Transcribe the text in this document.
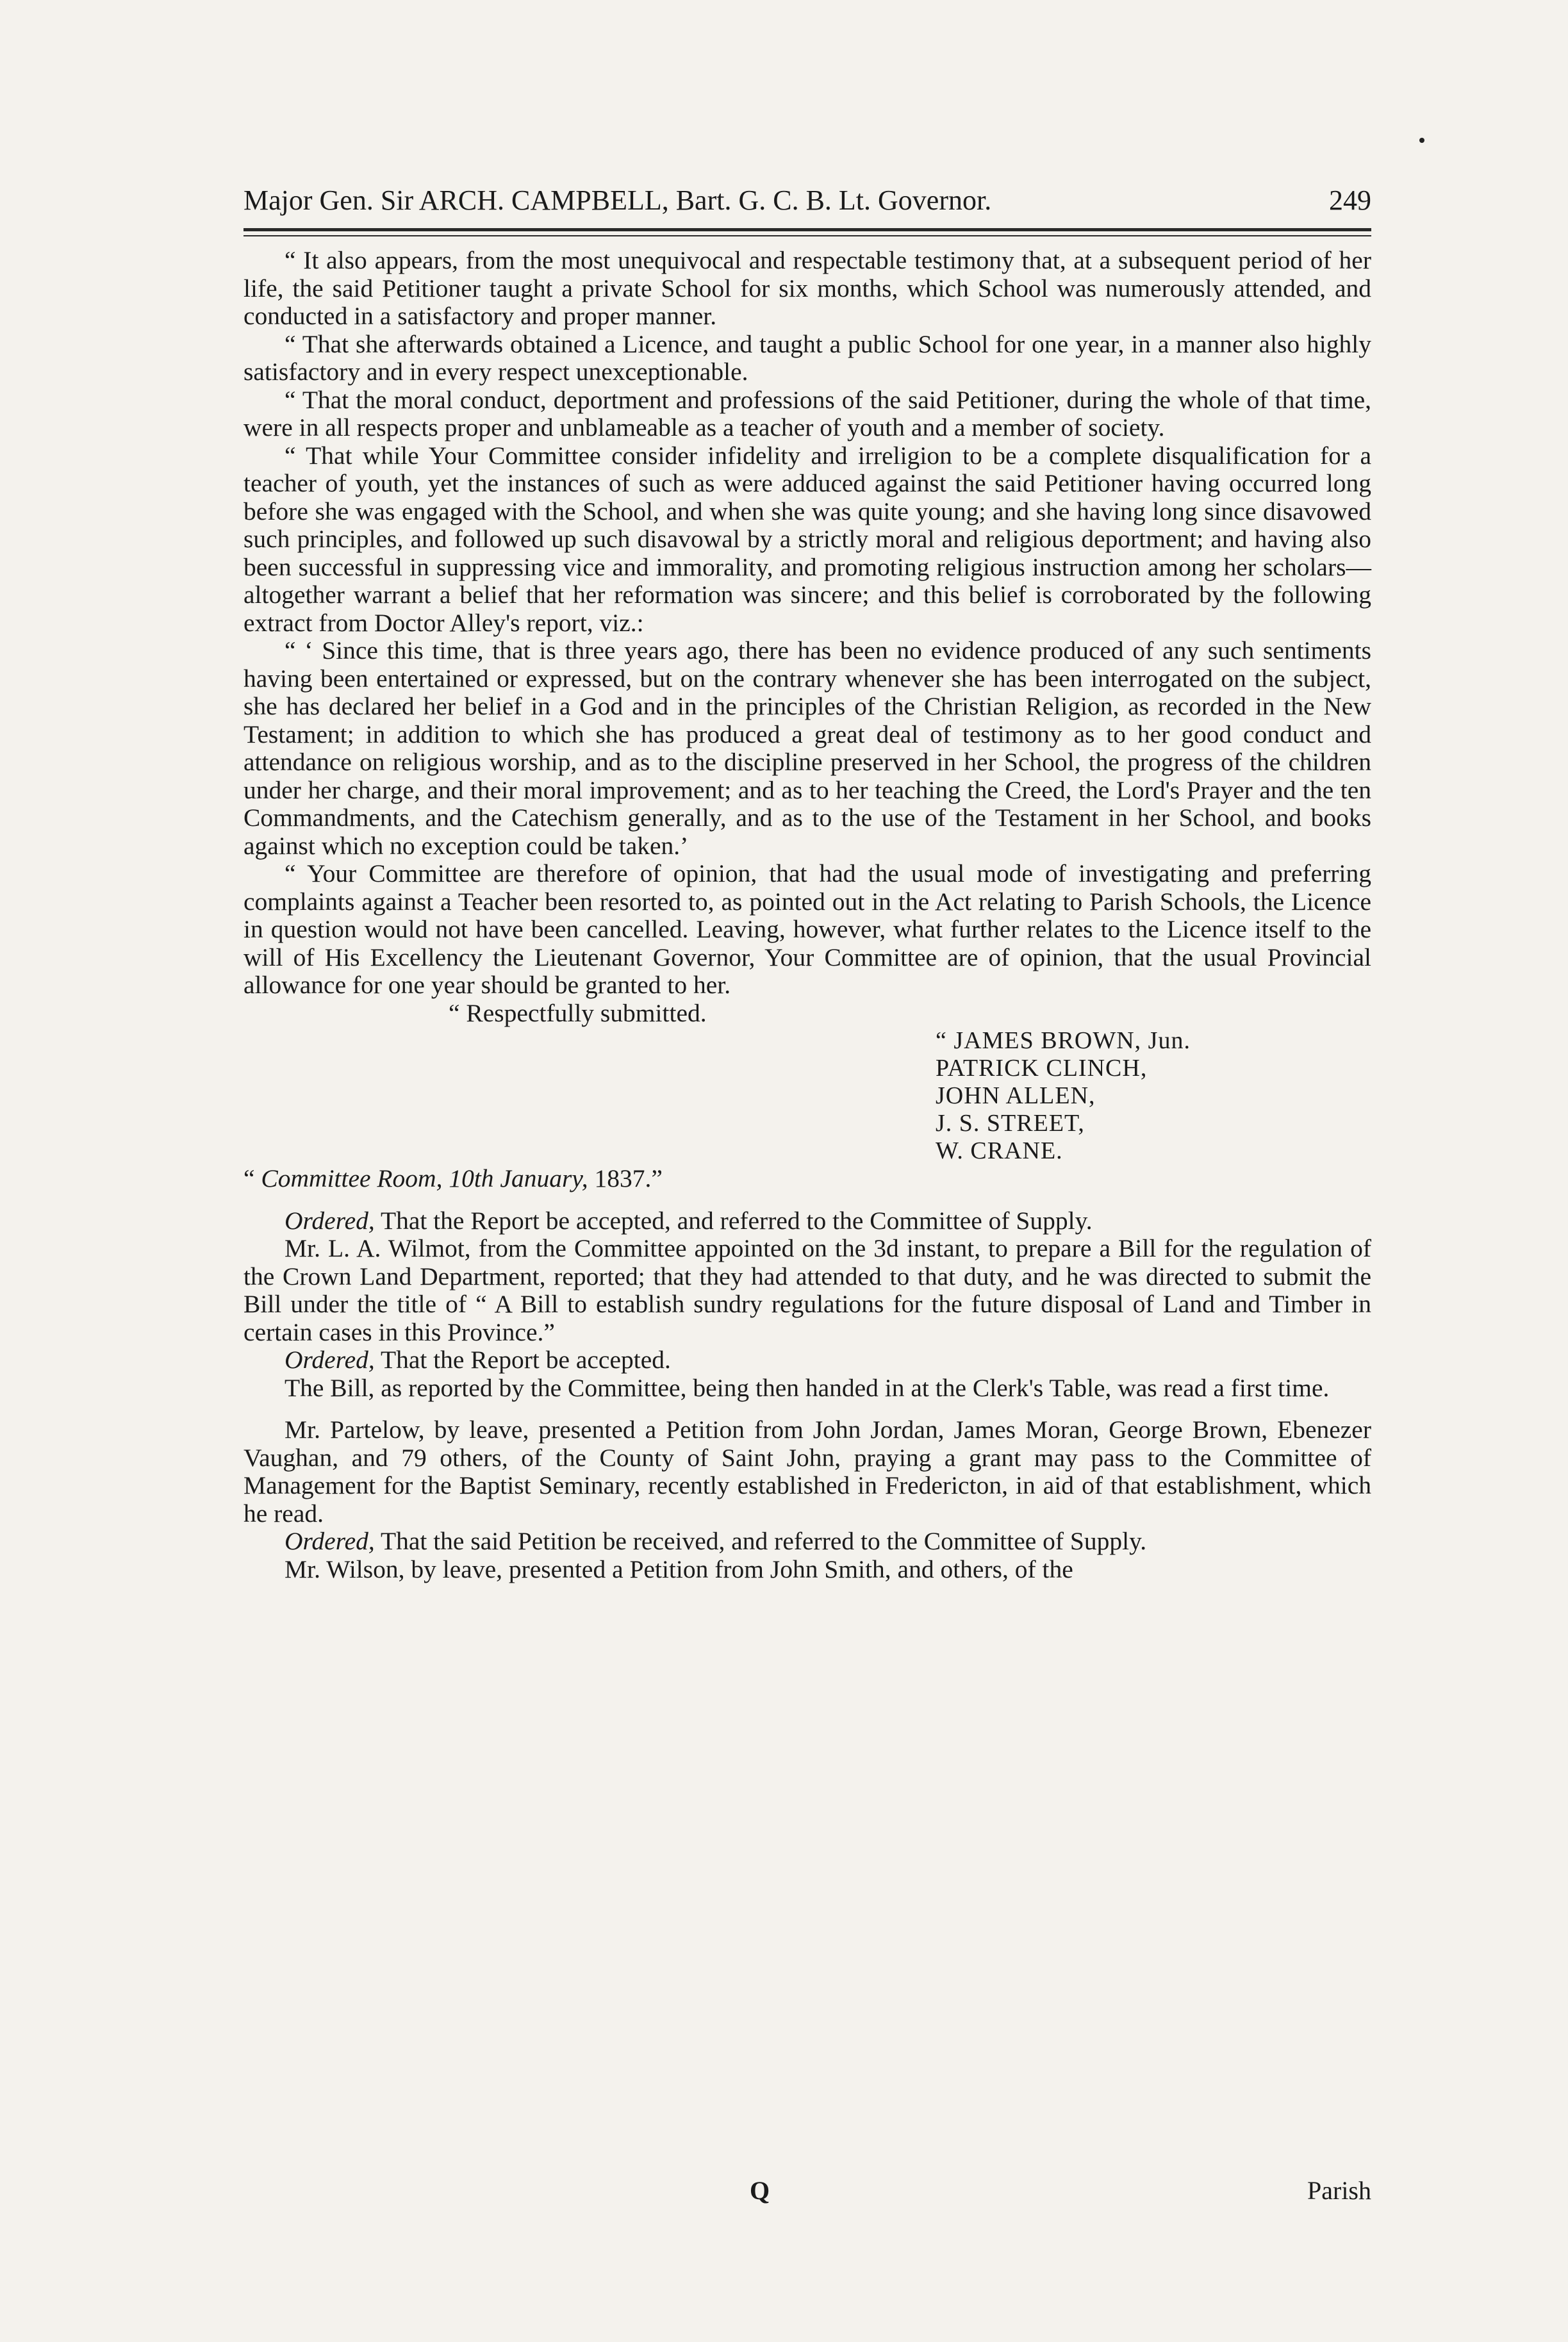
Major Gen. Sir ARCH. CAMPBELL, Bart. G. C. B. Lt. Governor.	249

“ It also appears, from the most unequivocal and respectable testimony that, at a subsequent period of her life, the said Petitioner taught a private School for six months, which School was numerously attended, and conducted in a satisfactory and proper manner.

“ That she afterwards obtained a Licence, and taught a public School for one year, in a manner also highly satisfactory and in every respect unexceptionable.

“ That the moral conduct, deportment and professions of the said Petitioner, during the whole of that time, were in all respects proper and unblameable as a teacher of youth and a member of society.

“ That while Your Committee consider infidelity and irreligion to be a complete disqualification for a teacher of youth, yet the instances of such as were adduced against the said Petitioner having occurred long before she was engaged with the School, and when she was quite young; and she having long since disavowed such principles, and followed up such disavowal by a strictly moral and religious deportment; and having also been successful in suppressing vice and immorality, and promoting religious instruction among her scholars—altogether warrant a belief that her reformation was sincere; and this belief is corroborated by the following extract from Doctor Alley's report, viz.:

“ ‘ Since this time, that is three years ago, there has been no evidence produced of any such sentiments having been entertained or expressed, but on the contrary whenever she has been interrogated on the subject, she has declared her belief in a God and in the principles of the Christian Religion, as recorded in the New Testament; in addition to which she has produced a great deal of testimony as to her good conduct and attendance on religious worship, and as to the discipline preserved in her School, the progress of the children under her charge, and their moral improvement; and as to her teaching the Creed, the Lord's Prayer and the ten Commandments, and the Catechism generally, and as to the use of the Testament in her School, and books against which no exception could be taken.’

“ Your Committee are therefore of opinion, that had the usual mode of investigating and preferring complaints against a Teacher been resorted to, as pointed out in the Act relating to Parish Schools, the Licence in question would not have been cancelled. Leaving, however, what further relates to the Licence itself to the will of His Excellency the Lieutenant Governor, Your Committee are of opinion, that the usual Provincial allowance for one year should be granted to her.

“ Respectfully submitted.

“ JAMES BROWN, Jun.
PATRICK CLINCH,
JOHN ALLEN,
J. S. STREET,
W. CRANE.

“ Committee Room, 10th January, 1837.”

Ordered, That the Report be accepted, and referred to the Committee of Supply.

Mr. L. A. Wilmot, from the Committee appointed on the 3d instant, to prepare a Bill for the regulation of the Crown Land Department, reported; that they had attended to that duty, and he was directed to submit the Bill under the title of “ A Bill to establish sundry regulations for the future disposal of Land and Timber in certain cases in this Province.”

Ordered, That the Report be accepted.

The Bill, as reported by the Committee, being then handed in at the Clerk's Table, was read a first time.

Mr. Partelow, by leave, presented a Petition from John Jordan, James Moran, George Brown, Ebenezer Vaughan, and 79 others, of the County of Saint John, praying a grant may pass to the Committee of Management for the Baptist Seminary, recently established in Fredericton, in aid of that establishment, which he read.

Ordered, That the said Petition be received, and referred to the Committee of Supply.

Mr. Wilson, by leave, presented a Petition from John Smith, and others, of the

Q	Parish
